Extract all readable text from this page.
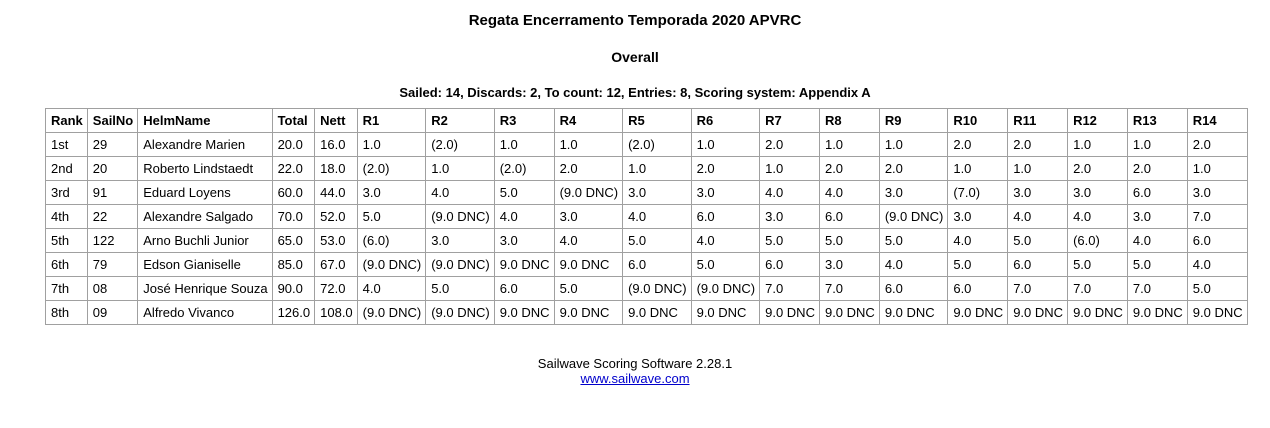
Regata Encerramento Temporada 2020 APVRC
Overall
Sailed: 14, Discards: 2, To count: 12, Entries: 8, Scoring system: Appendix A
Rank	SailNo	HelmName	Total	Nett	R1	R2	R3	R4	R5	R6	R7	R8	R9	R10	R11	R12	R13	R14
1st	29	Alexandre Marien	20.0	16.0	1.0	(2.0)	1.0	1.0	(2.0)	1.0	2.0	1.0	1.0	2.0	2.0	1.0	1.0	2.0
2nd	20	Roberto Lindstaedt	22.0	18.0	(2.0)	1.0	(2.0)	2.0	1.0	2.0	1.0	2.0	2.0	1.0	1.0	2.0	2.0	1.0
3rd	91	Eduard Loyens	60.0	44.0	3.0	4.0	5.0	(9.0 DNC)	3.0	3.0	4.0	4.0	3.0	(7.0)	3.0	3.0	6.0	3.0
4th	22	Alexandre Salgado	70.0	52.0	5.0	(9.0 DNC)	4.0	3.0	4.0	6.0	3.0	6.0	(9.0 DNC)	3.0	4.0	4.0	3.0	7.0
5th	122	Arno Buchli Junior	65.0	53.0	(6.0)	3.0	3.0	4.0	5.0	4.0	5.0	5.0	5.0	4.0	5.0	(6.0)	4.0	6.0
6th	79	Edson Gianiselle	85.0	67.0	(9.0 DNC)	(9.0 DNC)	9.0 DNC	9.0 DNC	6.0	5.0	6.0	3.0	4.0	5.0	6.0	5.0	5.0	4.0
7th	08	José Henrique Souza	90.0	72.0	4.0	5.0	6.0	5.0	(9.0 DNC)	(9.0 DNC)	7.0	7.0	6.0	6.0	7.0	7.0	7.0	5.0
8th	09	Alfredo Vivanco	126.0	108.0	(9.0 DNC)	(9.0 DNC)	9.0 DNC	9.0 DNC	9.0 DNC	9.0 DNC	9.0 DNC	9.0 DNC	9.0 DNC	9.0 DNC	9.0 DNC	9.0 DNC	9.0 DNC	9.0 DNC
Sailwave Scoring Software 2.28.1
www.sailwave.com
